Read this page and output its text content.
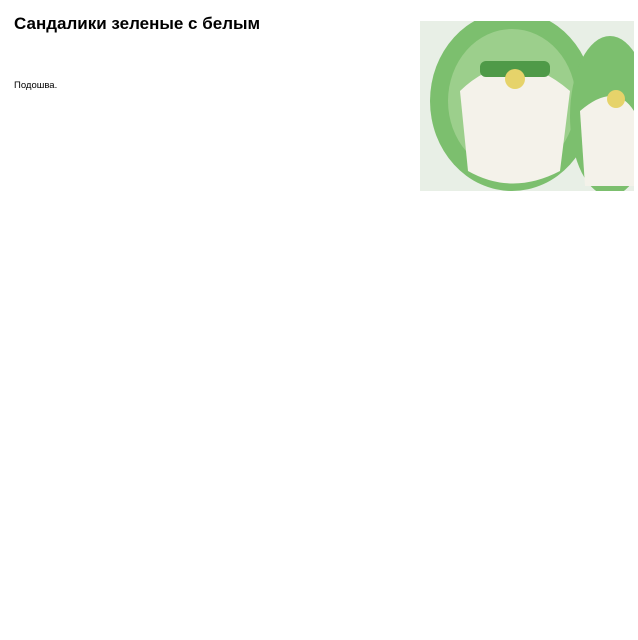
Сандалики зеленые с белым
Подошва.
